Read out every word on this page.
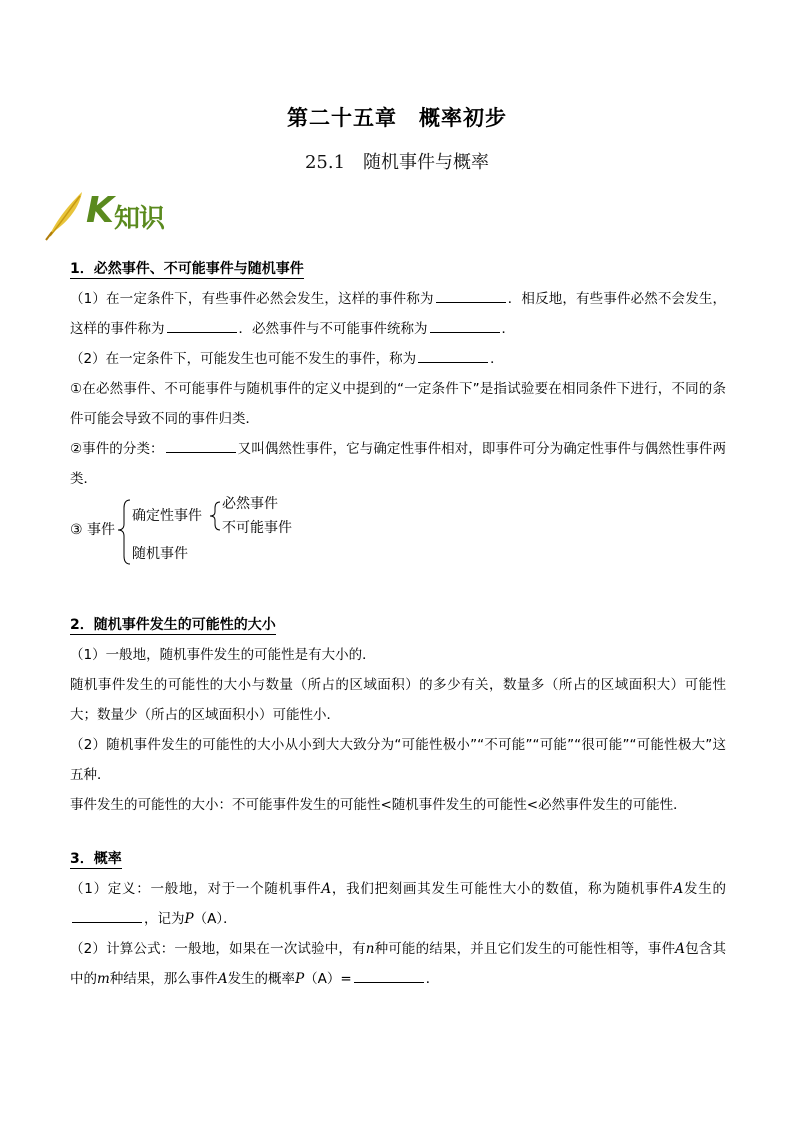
第二十五章　概率初步
25.1　随机事件与概率
K 知识
1．必然事件、不可能事件与随机事件

（1）在一定条件下，有些事件必然会发生，这样的事件称为	．相反地，有些事件必然不会发生，这样的事件称为	．必然事件与不可能事件统称为	．

（2）在一定条件下，可能发生也可能不发生的事件，称为	．

①在必然事件、不可能事件与随机事件的定义中提到的“一定条件下”是指试验要在相同条件下进行，不同的条件可能会导致不同的事件归类．

②事件的分类：	又叫偶然性事件，它与确定性事件相对，即事件可分为确定性事件与偶然性事件两类．

③ 事件
确定性事件
必然事件
不可能事件
随机事件
2．随机事件发生的可能性的大小

（1）一般地，随机事件发生的可能性是有大小的．

随机事件发生的可能性的大小与数量（所占的区域面积）的多少有关，数量多（所占的区域面积大）可能性大；数量少（所占的区域面积小）可能性小．

（2）随机事件发生的可能性的大小从小到大大致分为“可能性极小”“不可能”“可能”“很可能”“可能性极大”这五种．

事件发生的可能性的大小：不可能事件发生的可能性<随机事件发生的可能性<必然事件发生的可能性．

3．概率

（1）定义：一般地，对于一个随机事件A，我们把刻画其发生可能性大小的数值，称为随机事件A发生的，记为P（A）．

（2）计算公式：一般地，如果在一次试验中，有n种可能的结果，并且它们发生的可能性相等，事件A包含其中的m种结果，那么事件A发生的概率P（A）=	．
